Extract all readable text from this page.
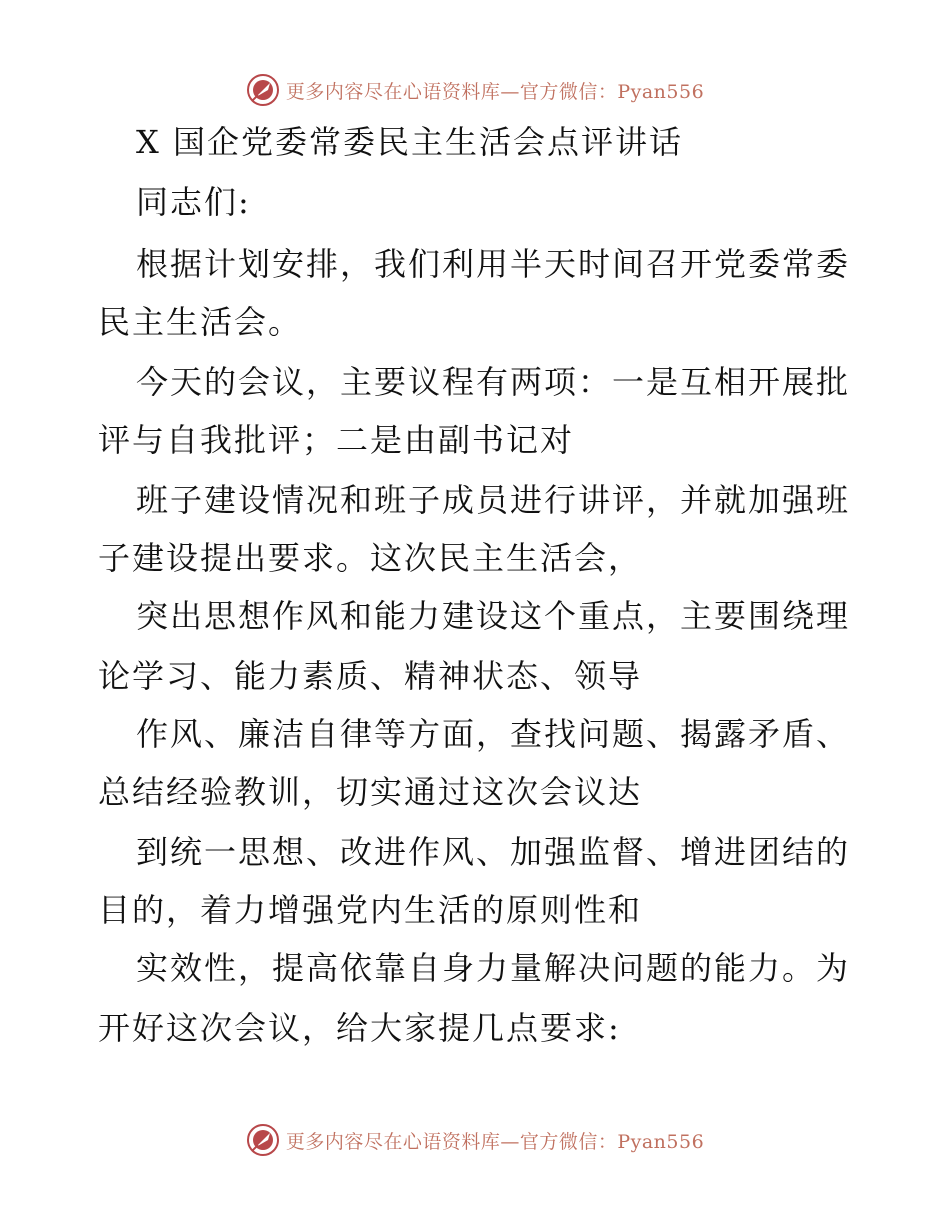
更多内容尽在心语资料库—官方微信：Pyan556
X 国企党委常委民主生活会点评讲话
同志们:
根据计划安排，我们利用半天时间召开党委常委
民主生活会。
今天的会议，主要议程有两项：一是互相开展批
评与自我批评；二是由副书记对
班子建设情况和班子成员进行讲评，并就加强班
子建设提出要求。这次民主生活会，
突出思想作风和能力建设这个重点，主要围绕理
论学习、能力素质、精神状态、领导
作风、廉洁自律等方面，查找问题、揭露矛盾、
总结经验教训，切实通过这次会议达
到统一思想、改进作风、加强监督、增进团结的
目的，着力增强党内生活的原则性和
实效性，提高依靠自身力量解决问题的能力。为
开好这次会议，给大家提几点要求:
更多内容尽在心语资料库—官方微信：Pyan556
